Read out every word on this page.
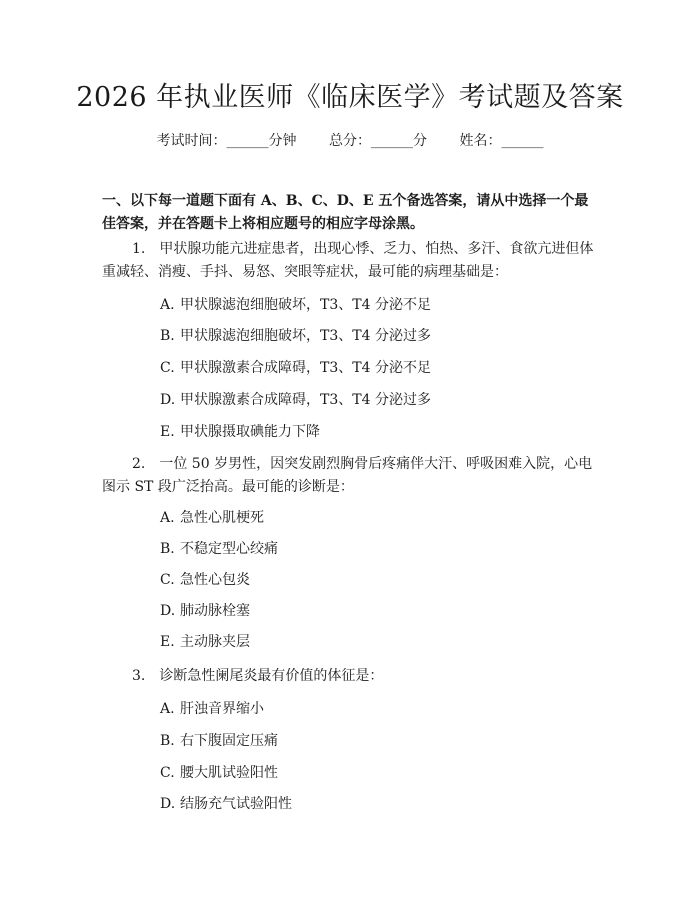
2026 年执业医师《临床医学》考试题及答案
考试时间：______分钟 总分：______分 姓名：______

一、以下每一道题下面有 A、B、C、D、E 五个备选答案，请从中选择一个最佳答案，并在答题卡上将相应题号的相应字母涂黑。

1. 甲状腺功能亢进症患者，出现心悸、乏力、怕热、多汗、食欲亢进但体重减轻、消瘦、手抖、易怒、突眼等症状，最可能的病理基础是：

A. 甲状腺滤泡细胞破坏，T3、T4 分泌不足

B. 甲状腺滤泡细胞破坏，T3、T4 分泌过多

C. 甲状腺激素合成障碍，T3、T4 分泌不足

D. 甲状腺激素合成障碍，T3、T4 分泌过多

E. 甲状腺摄取碘能力下降

2. 一位 50 岁男性，因突发剧烈胸骨后疼痛伴大汗、呼吸困难入院，心电图示 ST 段广泛抬高。最可能的诊断是：

A. 急性心肌梗死

B. 不稳定型心绞痛

C. 急性心包炎

D. 肺动脉栓塞

E. 主动脉夹层

3. 诊断急性阑尾炎最有价值的体征是：

A. 肝浊音界缩小

B. 右下腹固定压痛

C. 腰大肌试验阳性

D. 结肠充气试验阳性
